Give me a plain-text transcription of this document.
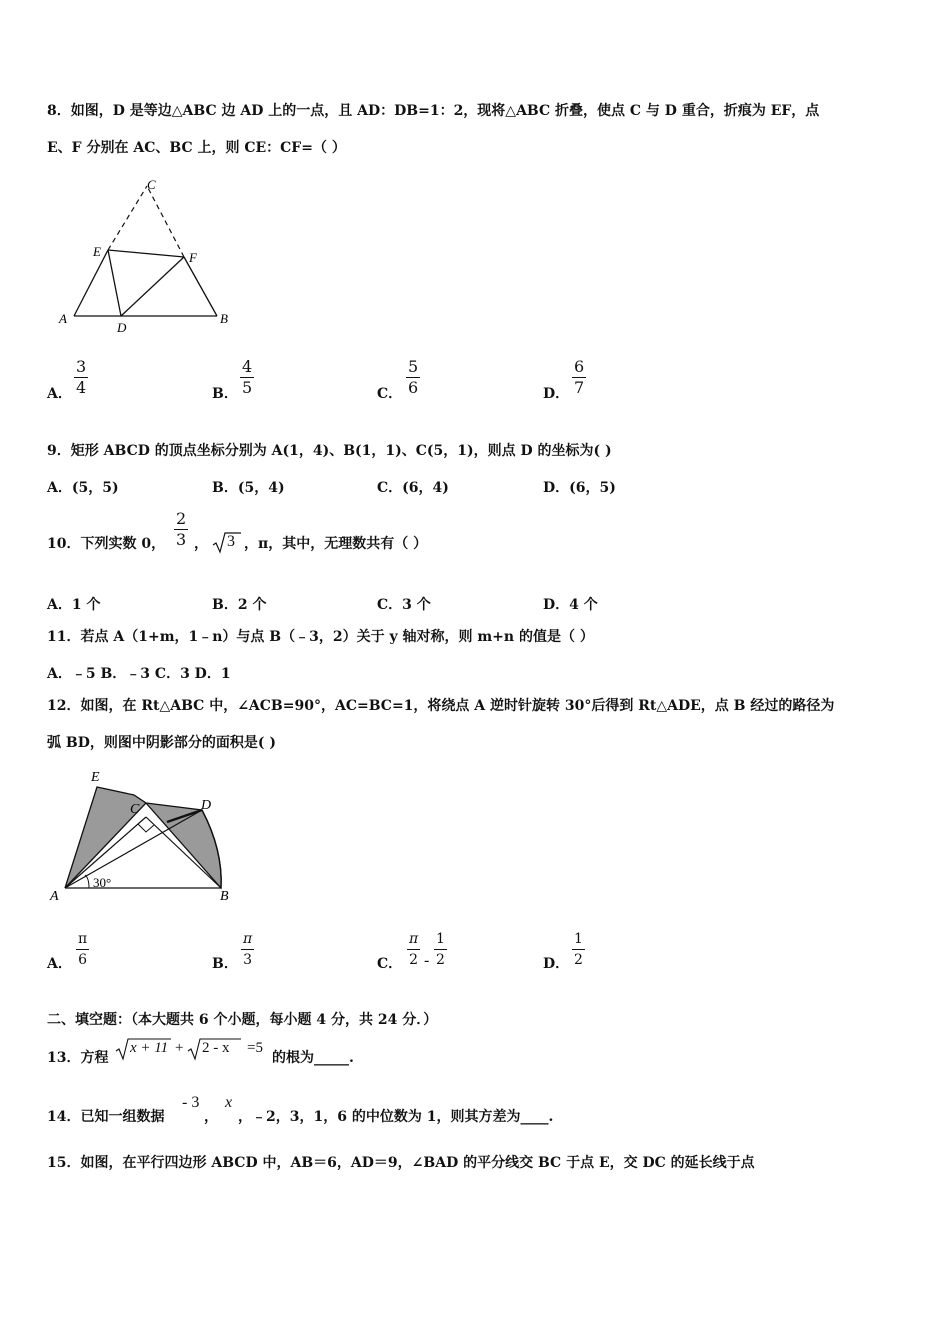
8．如图，D 是等边△ABC 边 AD 上的一点，且 AD：DB=1：2，现将△ABC 折叠，使点 C 与 D 重合，折痕为 EF，点
E、F 分别在 AC、BC 上，则 CE：CF=（ ）
C
E	F
A
D
B
A． $\frac{3}{4}$	B． $\frac{4}{5}$	C． $\frac{5}{6}$	D． $\frac{6}{7}$
9．矩形 ABCD 的顶点坐标分别为 A(1，4)、B(1，1)、C(5，1)，则点 D 的坐标为( )
A．(5，5)	B．(5，4)	C．(6，4)	D．(6，5)
10．下列实数 0， $\frac{2}{3}$ ， 3 ，π，其中，无理数共有（ ）
A．1 个	B．2 个	C．3 个	D．4 个
11．若点 A（1+m，1﹣n）与点 B（﹣3，2）关于 y 轴对称，则 m+n 的值是（ ）
A．﹣5 B．﹣3 C．3 D．1
12．如图，在 Rt△ABC 中，∠ACB=90°，AC=BC=1，将绕点 A 逆时针旋转 30°后得到 Rt△ADE，点 B 经过的路径为
弧 BD，则图中阴影部分的面积是( )
E
C	D
A	B
30°
A． $\frac{\pi}{6}$	B． $\frac{\pi}{3}$	C． $\frac{\pi}{2} - \frac{1}{2}$	D． $\frac{1}{2}$
二、填空题：（本大题共 6 个小题，每小题 4 分，共 24 分．）
13．方程
x + 11 + 2 - x =5
的根为_____.
14．已知一组数据
- 3
，
x
，﹣2，3，1，6 的中位数为 1，则其方差为____.
15．如图，在平行四边形 ABCD 中，AB＝6，AD＝9，∠BAD 的平分线交 BC 于点 E，交 DC 的延长线于点
